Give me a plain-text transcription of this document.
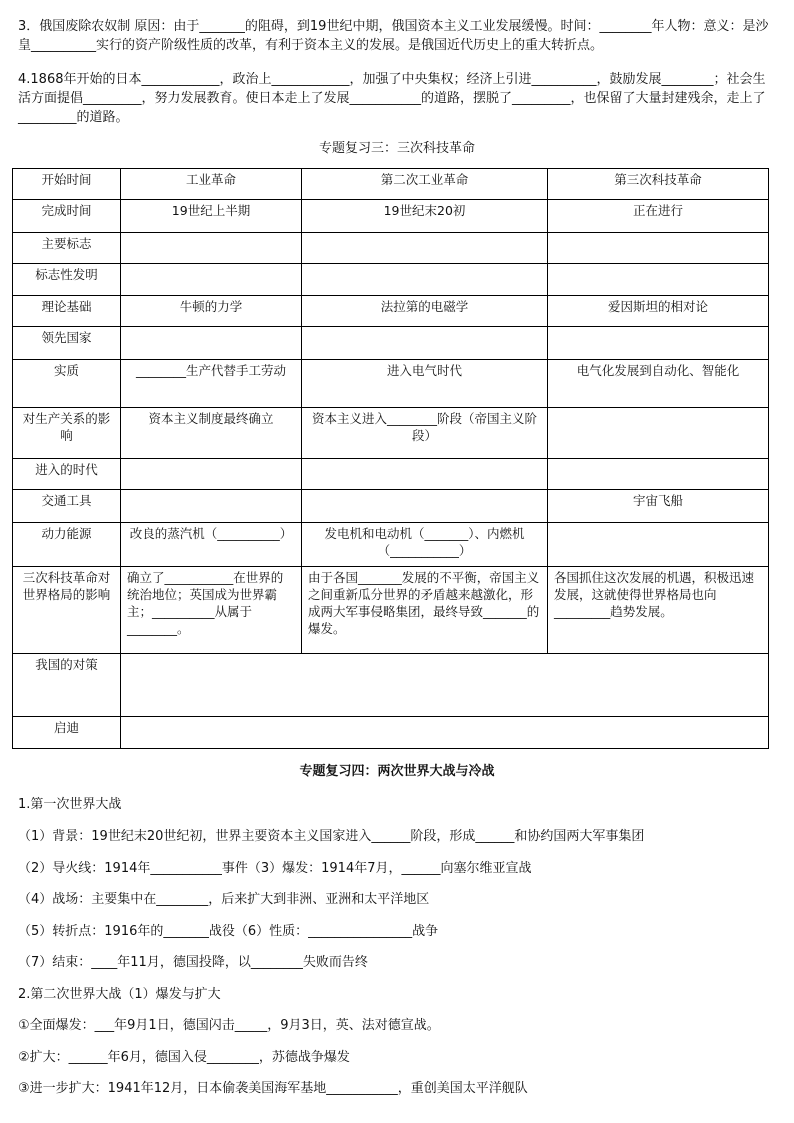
3．俄国废除农奴制 原因：由于_______的阻碍，到19世纪中期，俄国资本主义工业发展缓慢。时间：________年人物：意义：是沙皇__________实行的资产阶级性质的改革，有利于资本主义的发展。是俄国近代历史上的重大转折点。
4.1868年开始的日本____________，政治上____________，加强了中央集权；经济上引进__________，鼓励发展________；社会生活方面提倡_________，努力发展教育。使日本走上了发展___________的道路，摆脱了_________，也保留了大量封建残余，走上了_________的道路。
专题复习三：三次科技革命
开始时间	工业革命	第二次工业革命	第三次科技革命
完成时间	19世纪上半期	19世纪末20初	正在进行
主要标志			
标志性发明			
理论基础	牛顿的力学	法拉第的电磁学	爱因斯坦的相对论
领先国家			
实质	________生产代替手工劳动	进入电气时代	电气化发展到自动化、智能化
对生产关系的影响	资本主义制度最终确立	资本主义进入________阶段（帝国主义阶段）	
进入的时代			
交通工具			宇宙飞船
动力能源	改良的蒸汽机（__________）	发电机和电动机（_______）、内燃机（___________）	
三次科技革命对世界格局的影响	确立了___________在世界的统治地位；英国成为世界霸主；__________从属于________。	由于各国_______发展的不平衡，帝国主义之间重新瓜分世界的矛盾越来越激化，形成两大军事侵略集团，最终导致_______的爆发。	各国抓住这次发展的机遇，积极迅速发展，这就使得世界格局也向_________趋势发展。
我国的对策			
启迪			
专题复习四：两次世界大战与冷战
1.第一次世界大战
（1）背景：19世纪末20世纪初，世界主要资本主义国家进入______阶段，形成______和协约国两大军事集团
（2）导火线：1914年___________事件（3）爆发：1914年7月，______向塞尔维亚宣战
（4）战场：主要集中在________，后来扩大到非洲、亚洲和太平洋地区
（5）转折点：1916年的_______战役（6）性质：________________战争
（7）结束：____年11月，德国投降，以________失败而告终
2.第二次世界大战（1）爆发与扩大
①全面爆发：___年9月1日，德国闪击_____，9月3日，英、法对德宣战。
②扩大：______年6月，德国入侵________，苏德战争爆发
③进一步扩大：1941年12月，日本偷袭美国海军基地___________，重创美国太平洋舰队
